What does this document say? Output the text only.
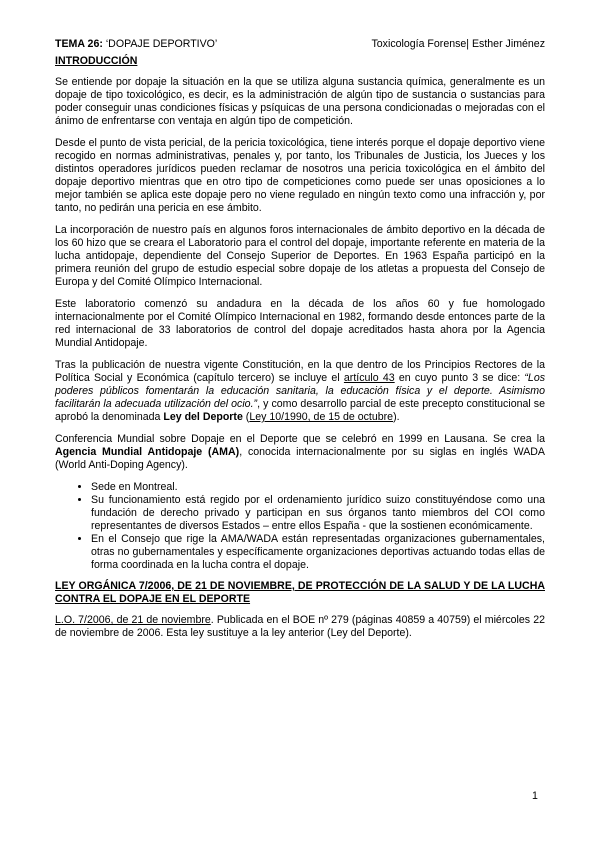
TEMA 26: ‘DOPAJE DEPORTIVO’	Toxicología Forense| Esther Jiménez
INTRODUCCIÓN

Se entiende por dopaje la situación en la que se utiliza alguna sustancia química, generalmente es un dopaje de tipo toxicológico, es decir, es la administración de algún tipo de sustancia o sustancias para poder conseguir unas condiciones físicas y psíquicas de una persona condicionadas o mejoradas con el ánimo de enfrentarse con ventaja en algún tipo de competición.

Desde el punto de vista pericial, de la pericia toxicológica, tiene interés porque el dopaje deportivo viene recogido en normas administrativas, penales y, por tanto, los Tribunales de Justicia, los Jueces y los distintos operadores jurídicos pueden reclamar de nosotros una pericia toxicológica en el ámbito del dopaje deportivo mientras que en otro tipo de competiciones como puede ser unas oposiciones a lo mejor también se aplica este dopaje pero no viene regulado en ningún texto como una infracción y, por tanto, no pedirán una pericia en ese ámbito.

La incorporación de nuestro país en algunos foros internacionales de ámbito deportivo en la década de los 60 hizo que se creara el Laboratorio para el control del dopaje, importante referente en materia de la lucha antidopaje, dependiente del Consejo Superior de Deportes. En 1963 España participó en la primera reunión del grupo de estudio especial sobre dopaje de los atletas a propuesta del Consejo de Europa y del Comité Olímpico Internacional.

Este laboratorio comenzó su andadura en la década de los años 60 y fue homologado internacionalmente por el Comité Olímpico Internacional en 1982, formando desde entonces parte de la red internacional de 33 laboratorios de control del dopaje acreditados hasta ahora por la Agencia Mundial Antidopaje.

Tras la publicación de nuestra vigente Constitución, en la que dentro de los Principios Rectores de la Política Social y Económica (capítulo tercero) se incluye el artículo 43 en cuyo punto 3 se dice: “Los poderes públicos fomentarán la educación sanitaria, la educación física y el deporte. Asimismo facilitarán la adecuada utilización del ocio.”, y como desarrollo parcial de este precepto constitucional se aprobó la denominada Ley del Deporte (Ley 10/1990, de 15 de octubre).

Conferencia Mundial sobre Dopaje en el Deporte que se celebró en 1999 en Lausana. Se crea la Agencia Mundial Antidopaje (AMA), conocida internacionalmente por su siglas en inglés WADA (World Anti-Doping Agency).

• Sede en Montreal.
• Su funcionamiento está regido por el ordenamiento jurídico suizo constituyéndose como una fundación de derecho privado y participan en sus órganos tanto miembros del COI como representantes de diversos Estados – entre ellos España - que la sostienen económicamente.
• En el Consejo que rige la AMA/WADA están representadas organizaciones gubernamentales, otras no gubernamentales y específicamente organizaciones deportivas actuando todas ellas de forma coordinada en la lucha contra el dopaje.
LEY ORGÁNICA 7/2006, DE 21 DE NOVIEMBRE, DE PROTECCIÓN DE LA SALUD Y DE LA LUCHA CONTRA EL DOPAJE EN EL DEPORTE

L.O. 7/2006, de 21 de noviembre. Publicada en el BOE nº 279 (páginas 40859 a 40759) el miércoles 22 de noviembre de 2006. Esta ley sustituye a la ley anterior (Ley del Deporte).

1
